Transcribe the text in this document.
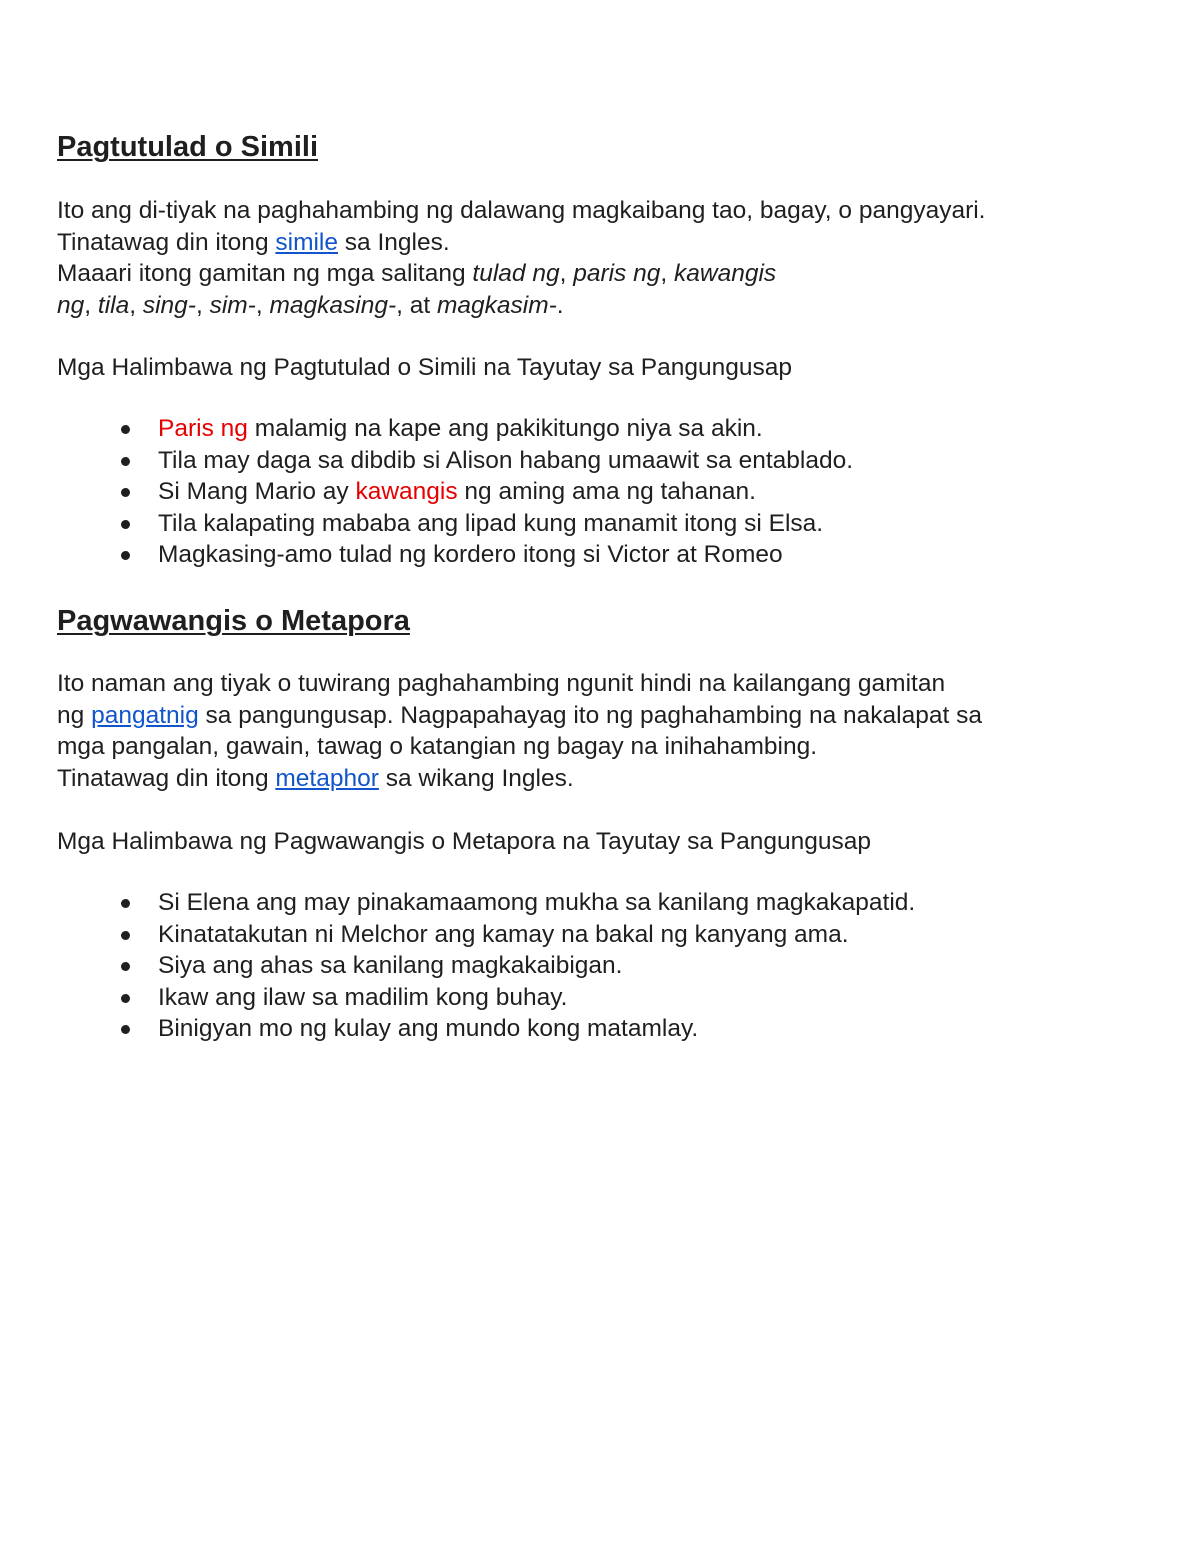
Pagtutulad o Simili

Ito ang di-tiyak na paghahambing ng dalawang magkaibang tao, bagay, o pangyayari.
Tinatawag din itong simile sa Ingles.
Maaari itong gamitan ng mga salitang tulad ng, paris ng, kawangis
ng, tila, sing-, sim-, magkasing-, at magkasim-.

Mga Halimbawa ng Pagtutulad o Simili na Tayutay sa Pangungusap

Paris ng malamig na kape ang pakikitungo niya sa akin.
Tila may daga sa dibdib si Alison habang umaawit sa entablado.
Si Mang Mario ay kawangis ng aming ama ng tahanan.
Tila kalapating mababa ang lipad kung manamit itong si Elsa.
Magkasing-amo tulad ng kordero itong si Victor at Romeo
Pagwawangis o Metapora

Ito naman ang tiyak o tuwirang paghahambing ngunit hindi na kailangang gamitan
ng pangatnig sa pangungusap. Nagpapahayag ito ng paghahambing na nakalapat sa
mga pangalan, gawain, tawag o katangian ng bagay na inihahambing.
Tinatawag din itong metaphor sa wikang Ingles.

Mga Halimbawa ng Pagwawangis o Metapora na Tayutay sa Pangungusap

Si Elena ang may pinakamaamong mukha sa kanilang magkakapatid.
Kinatatakutan ni Melchor ang kamay na bakal ng kanyang ama.
Siya ang ahas sa kanilang magkakaibigan.
Ikaw ang ilaw sa madilim kong buhay.
Binigyan mo ng kulay ang mundo kong matamlay.
